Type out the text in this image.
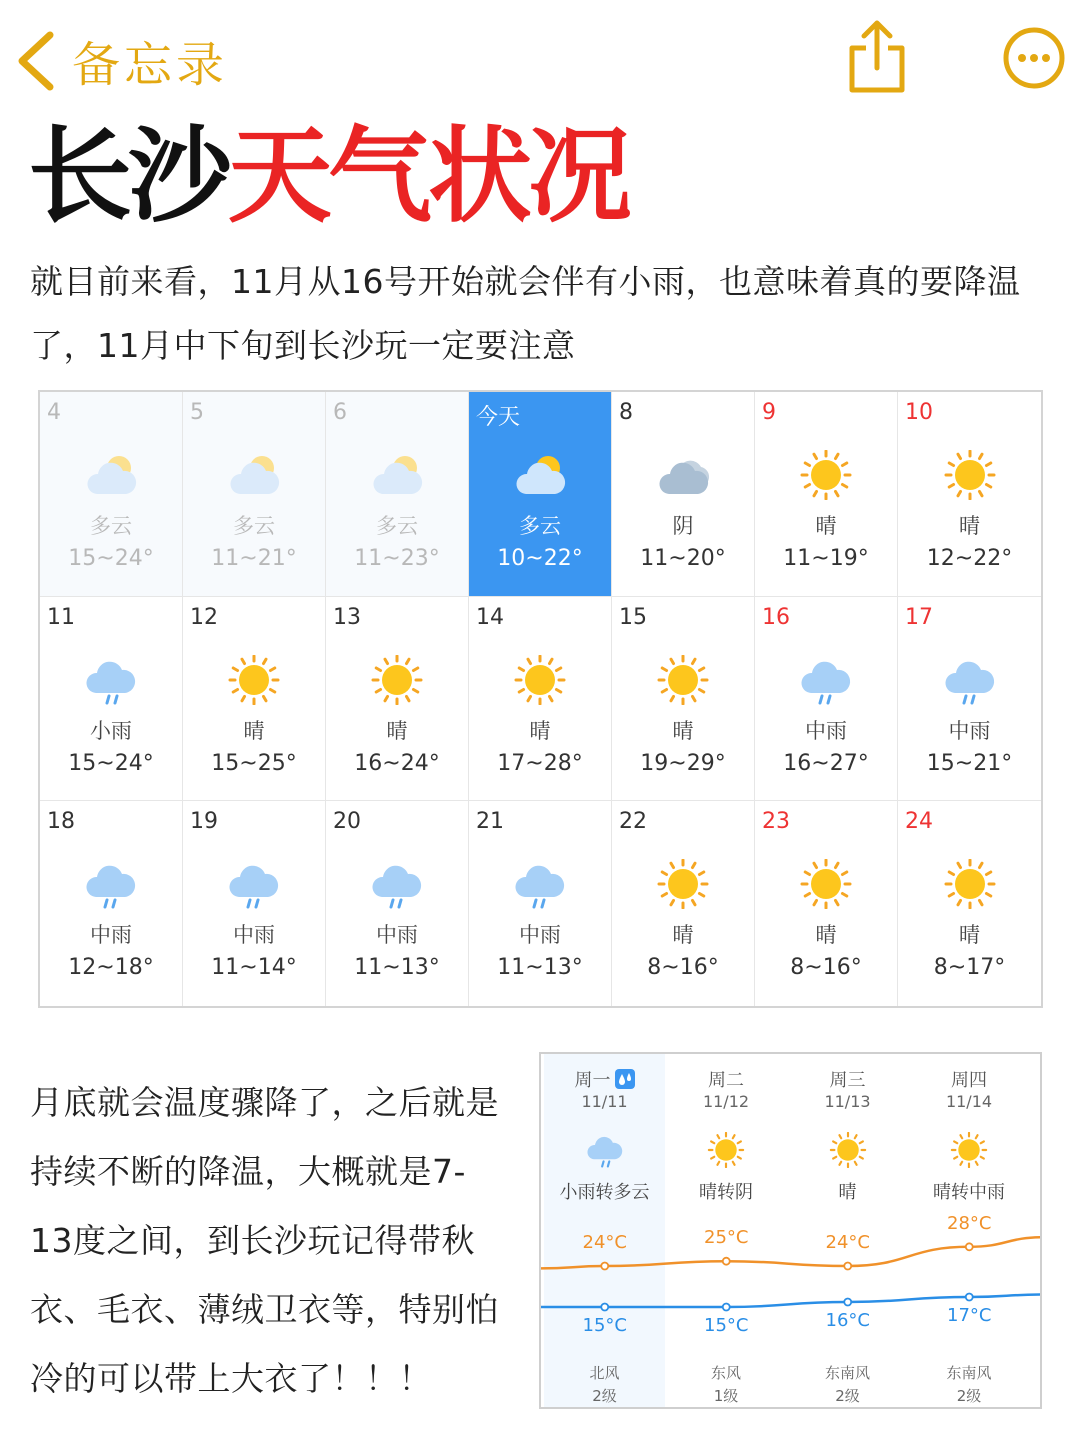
备忘录
长沙天气状况
就目前来看，11月从16号开始就会伴有小雨，也意味着真的要降温了，11月中下旬到长沙玩一定要注意
4
多云
15~24°
5
多云
11~21°
6
多云
11~23°
今天
多云
10~22°
8
阴
11~20°
9
晴
11~19°
10
晴
12~22°
11
小雨
15~24°
12
晴
15~25°
13
晴
16~24°
14
晴
17~28°
15
晴
19~29°
16
中雨
16~27°
17
中雨
15~21°
18
中雨
12~18°
19
中雨
11~14°
20
中雨
11~13°
21
中雨
11~13°
22
晴
8~16°
23
晴
8~16°
24
晴
8~17°
月底就会温度骤降了，之后就是持续不断的降温，大概就是7-13度之间，到长沙玩记得带秋衣、毛衣、薄绒卫衣等，特别怕冷的可以带上大衣了！！！
周一
11/11
小雨转多云
北风
2级
周二
11/12
晴转阴
东风
1级
周三
11/13
晴
东南风
2级
周四
11/14
晴转中雨
东南风
2级
24°C
15°C
25°C
15°C
24°C
16°C
28°C
17°C
